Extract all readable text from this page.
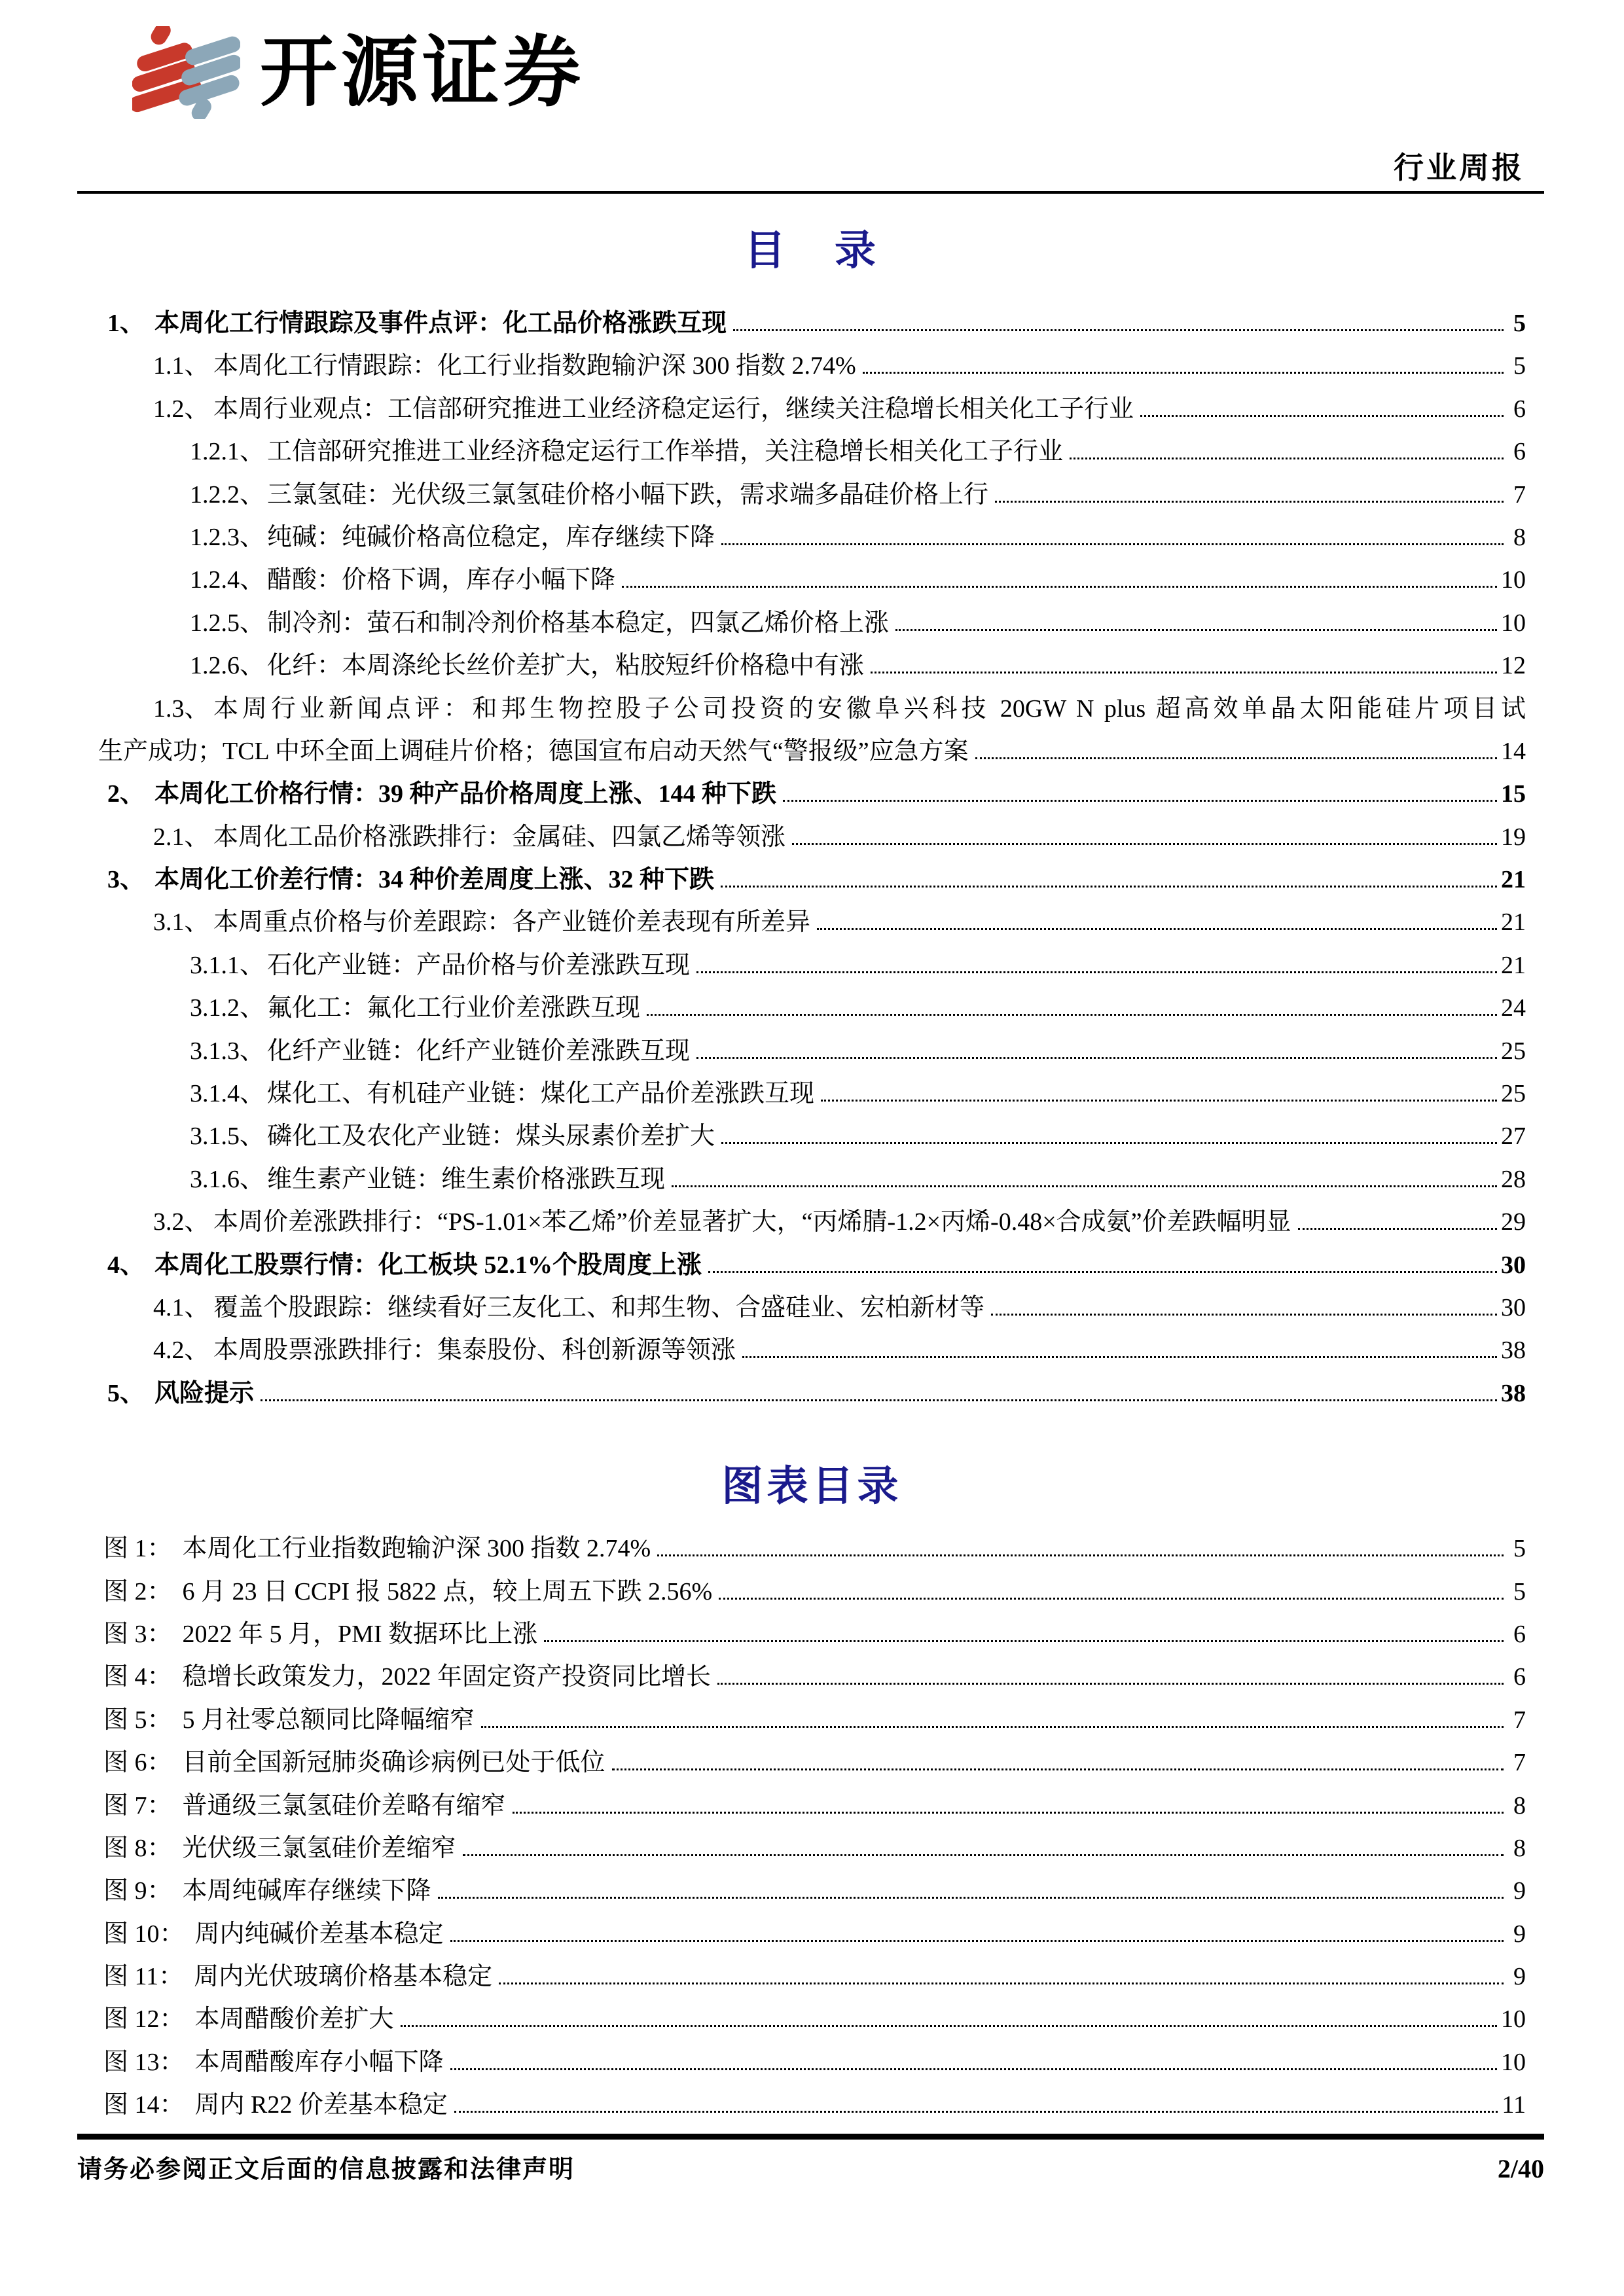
开源证券
行业周报
目　录
1、 本周化工行情跟踪及事件点评：化工品价格涨跌互现	5
1.1、 本周化工行情跟踪：化工行业指数跑输沪深 300 指数 2.74%	5
1.2、 本周行业观点：工信部研究推进工业经济稳定运行，继续关注稳增长相关化工子行业	6
1.2.1、 工信部研究推进工业经济稳定运行工作举措，关注稳增长相关化工子行业	6
1.2.2、 三氯氢硅：光伏级三氯氢硅价格小幅下跌，需求端多晶硅价格上行	7
1.2.3、 纯碱：纯碱价格高位稳定，库存继续下降	8
1.2.4、 醋酸：价格下调，库存小幅下降	10
1.2.5、 制冷剂：萤石和制冷剂价格基本稳定，四氯乙烯价格上涨	10
1.2.6、 化纤：本周涤纶长丝价差扩大，粘胶短纤价格稳中有涨	12
1.3、 本周行业新闻点评：和邦生物控股子公司投资的安徽阜兴科技 20GW N plus 超高效单晶太阳能硅片项目试
生产成功；TCL 中环全面上调硅片价格；德国宣布启动天然气“警报级”应急方案	14
2、 本周化工价格行情：39 种产品价格周度上涨、144 种下跌	15
2.1、 本周化工品价格涨跌排行：金属硅、四氯乙烯等领涨	19
3、 本周化工价差行情：34 种价差周度上涨、32 种下跌	21
3.1、 本周重点价格与价差跟踪：各产业链价差表现有所差异	21
3.1.1、 石化产业链：产品价格与价差涨跌互现	21
3.1.2、 氟化工：氟化工行业价差涨跌互现	24
3.1.3、 化纤产业链：化纤产业链价差涨跌互现	25
3.1.4、 煤化工、有机硅产业链：煤化工产品价差涨跌互现	25
3.1.5、 磷化工及农化产业链：煤头尿素价差扩大	27
3.1.6、 维生素产业链：维生素价格涨跌互现	28
3.2、 本周价差涨跌排行：“PS-1.01×苯乙烯”价差显著扩大，“丙烯腈-1.2×丙烯-0.48×合成氨”价差跌幅明显	29
4、 本周化工股票行情：化工板块 52.1%个股周度上涨	30
4.1、 覆盖个股跟踪：继续看好三友化工、和邦生物、合盛硅业、宏柏新材等	30
4.2、 本周股票涨跌排行：集泰股份、科创新源等领涨	38
5、 风险提示	38
图表目录
图 1： 本周化工行业指数跑输沪深 300 指数 2.74%	5
图 2： 6 月 23 日 CCPI 报 5822 点，较上周五下跌 2.56%	5
图 3： 2022 年 5 月，PMI 数据环比上涨	6
图 4： 稳增长政策发力，2022 年固定资产投资同比增长	6
图 5： 5 月社零总额同比降幅缩窄	7
图 6： 目前全国新冠肺炎确诊病例已处于低位	7
图 7： 普通级三氯氢硅价差略有缩窄	8
图 8： 光伏级三氯氢硅价差缩窄	8
图 9： 本周纯碱库存继续下降	9
图 10： 周内纯碱价差基本稳定	9
图 11： 周内光伏玻璃价格基本稳定	9
图 12： 本周醋酸价差扩大	10
图 13： 本周醋酸库存小幅下降	10
图 14： 周内 R22 价差基本稳定	11
请务必参阅正文后面的信息披露和法律声明	2/40
